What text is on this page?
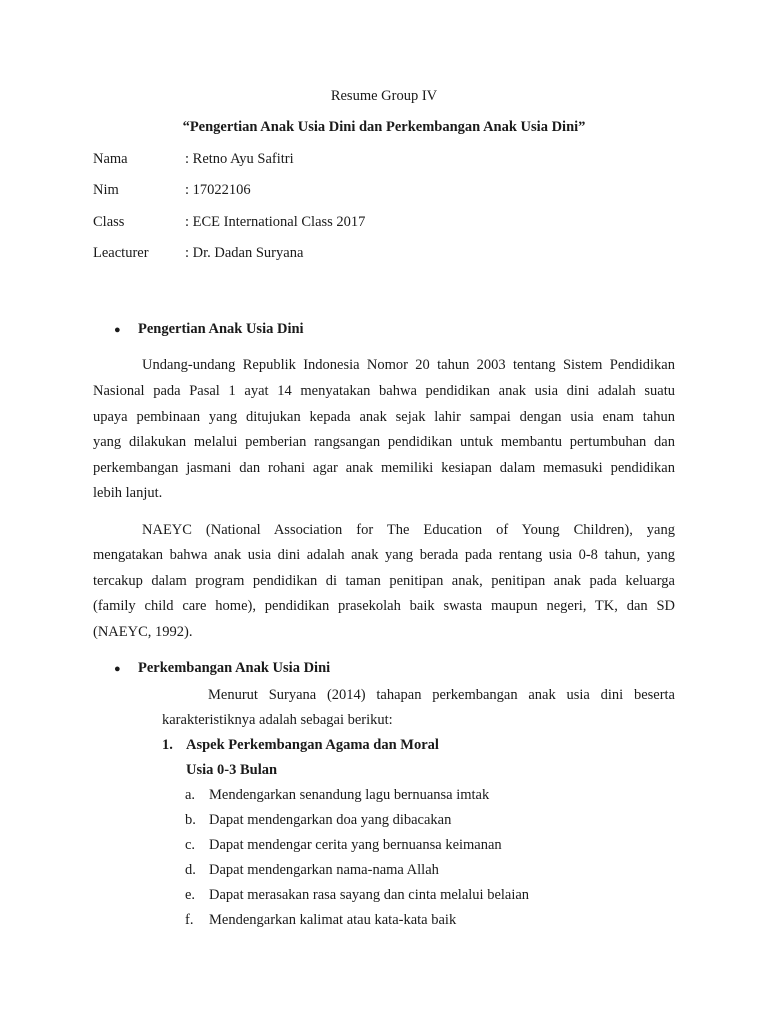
Resume Group IV
“Pengertian Anak Usia Dini dan Perkembangan Anak Usia Dini”
Nama	: Retno Ayu Safitri
Nim	: 17022106
Class	: ECE International Class 2017
Leacturer	: Dr. Dadan Suryana
● Pengertian Anak Usia Dini
Undang-undang Republik Indonesia Nomor 20 tahun 2003 tentang Sistem Pendidikan
Nasional pada Pasal 1 ayat 14 menyatakan bahwa pendidikan anak usia dini adalah suatu
upaya pembinaan yang ditujukan kepada anak sejak lahir sampai dengan usia enam tahun
yang dilakukan melalui pemberian rangsangan pendidikan untuk membantu pertumbuhan dan
perkembangan jasmani dan rohani agar anak memiliki kesiapan dalam memasuki pendidikan
lebih lanjut.
NAEYC (National Association for The Education of Young Children), yang
mengatakan bahwa anak usia dini adalah anak yang berada pada rentang usia 0-8 tahun, yang
tercakup dalam program pendidikan di taman penitipan anak, penitipan anak pada keluarga
(family child care home), pendidikan prasekolah baik swasta maupun negeri, TK, dan SD
(NAEYC, 1992).
● Perkembangan Anak Usia Dini
Menurut Suryana (2014) tahapan perkembangan anak usia dini beserta
karakteristiknya adalah sebagai berikut:
1. Aspek Perkembangan Agama dan Moral
Usia 0-3 Bulan
a. Mendengarkan senandung lagu bernuansa imtak
b. Dapat mendengarkan doa yang dibacakan
c. Dapat mendengar cerita yang bernuansa keimanan
d. Dapat mendengarkan nama-nama Allah
e. Dapat merasakan rasa sayang dan cinta melalui belaian
f. Mendengarkan kalimat atau kata-kata baik
